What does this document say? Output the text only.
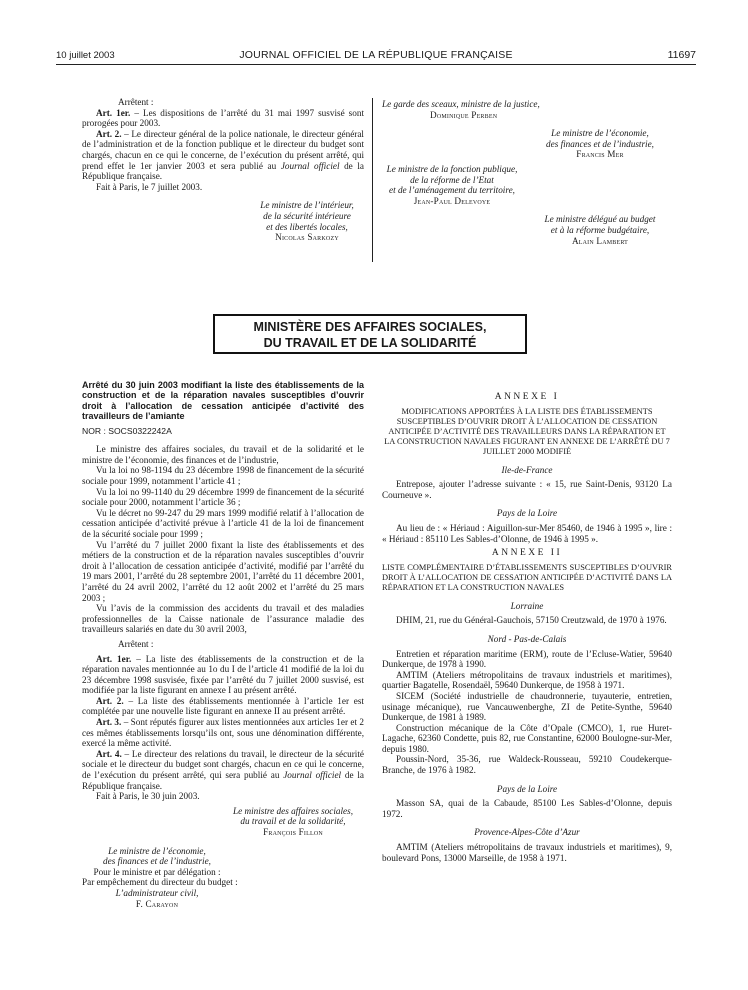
10 juillet 2003	JOURNAL OFFICIEL DE LA RÉPUBLIQUE FRANÇAISE	11697

Arrêtent :

Art. 1er. – Les dispositions de l’arrêté du 31 mai 1997 susvisé sont prorogées pour 2003.

Art. 2. – Le directeur général de la police nationale, le directeur général de l’administration et de la fonction publique et le directeur du budget sont chargés, chacun en ce qui le concerne, de l’exécution du présent arrêté, qui prend effet le 1er janvier 2003 et sera publié au Journal officiel de la République française.

Fait à Paris, le 7 juillet 2003.

Le ministre de l’intérieur,
de la sécurité intérieure
et des libertés locales,
Nicolas Sarkozy
Le garde des sceaux, ministre de la justice,
Dominique Perben
Le ministre de l’économie,
des finances et de l’industrie,
Francis Mer
Le ministre de la fonction publique,
de la réforme de l’Etat
et de l’aménagement du territoire,
Jean-Paul Delevoye
Le ministre délégué au budget
et à la réforme budgétaire,
Alain Lambert
MINISTÈRE DES AFFAIRES SOCIALES,
DU TRAVAIL ET DE LA SOLIDARITÉ

Arrêté du 30 juin 2003 modifiant la liste des établissements de la construction et de la réparation navales susceptibles d’ouvrir droit à l’allocation de cessation anticipée d’activité des travailleurs de l’amiante

NOR : SOCS0322242A

Le ministre des affaires sociales, du travail et de la solidarité et le ministre de l’économie, des finances et de l’industrie,

Vu la loi no 98-1194 du 23 décembre 1998 de financement de la sécurité sociale pour 1999, notamment l’article 41 ;

Vu la loi no 99-1140 du 29 décembre 1999 de financement de la sécurité sociale pour 2000, notamment l’article 36 ;

Vu le décret no 99-247 du 29 mars 1999 modifié relatif à l’allocation de cessation anticipée d’activité prévue à l’article 41 de la loi de financement de la sécurité sociale pour 1999 ;

Vu l’arrêté du 7 juillet 2000 fixant la liste des établissements et des métiers de la construction et de la réparation navales susceptibles d’ouvrir droit à l’allocation de cessation anticipée d’activité, modifié par l’arrêté du 19 mars 2001, l’arrêté du 28 septembre 2001, l’arrêté du 11 décembre 2001, l’arrêté du 24 avril 2002, l’arrêté du 12 août 2002 et l’arrêté du 25 mars 2003 ;

Vu l’avis de la commission des accidents du travail et des maladies professionnelles de la Caisse nationale de l’assurance maladie des travailleurs salariés en date du 30 avril 2003,

Arrêtent :

Art. 1er. – La liste des établissements de la construction et de la réparation navales mentionnée au 1o du I de l’article 41 modifié de la loi du 23 décembre 1998 susvisée, fixée par l’arrêté du 7 juillet 2000 susvisé, est modifiée par la liste figurant en annexe I au présent arrêté.

Art. 2. – La liste des établissements mentionnée à l’article 1er est complétée par une nouvelle liste figurant en annexe II au présent arrêté.

Art. 3. – Sont réputés figurer aux listes mentionnées aux articles 1er et 2 ces mêmes établissements lorsqu’ils ont, sous une dénomination différente, exercé la même activité.

Art. 4. – Le directeur des relations du travail, le directeur de la sécurité sociale et le directeur du budget sont chargés, chacun en ce qui le concerne, de l’exécution du présent arrêté, qui sera publié au Journal officiel de la République française.

Fait à Paris, le 30 juin 2003.

Le ministre des affaires sociales,
du travail et de la solidarité,
François Fillon
Le ministre de l’économie,
des finances et de l’industrie,
Pour le ministre et par délégation :
Par empêchement du directeur du budget :
L’administrateur civil,
F. Carayon
ANNEXE I
MODIFICATIONS APPORTÉES À LA LISTE DES ÉTABLISSEMENTS SUSCEPTIBLES D’OUVRIR DROIT À L’ALLOCATION DE CESSATION ANTICIPÉE D’ACTIVITÉ DES TRAVAILLEURS DANS LA RÉPARATION ET LA CONSTRUCTION NAVALES FIGURANT EN ANNEXE DE L’ARRÊTÉ DU 7 JUILLET 2000 MODIFIÉ

Ile-de-France

Entrepose, ajouter l’adresse suivante : « 15, rue Saint-Denis, 93120 La Courneuve ».

Pays de la Loire

Au lieu de : « Hériaud : Aiguillon-sur-Mer 85460, de 1946 à 1995 », lire : « Hériaud : 85110 Les Sables-d’Olonne, de 1946 à 1995 ».

ANNEXE II
LISTE COMPLÉMENTAIRE D’ÉTABLISSEMENTS SUSCEPTIBLES D’OUVRIR DROIT À L’ALLOCATION DE CESSATION ANTICIPÉE D’ACTIVITÉ DANS LA RÉPARATION ET LA CONSTRUCTION NAVALES

Lorraine

DHIM, 21, rue du Général-Gauchois, 57150 Creutzwald, de 1970 à 1976.

Nord - Pas-de-Calais

Entretien et réparation maritime (ERM), route de l’Ecluse-Watier, 59640 Dunkerque, de 1978 à 1990.

AMTIM (Ateliers métropolitains de travaux industriels et maritimes), quartier Bagatelle, Rosendaël, 59640 Dunkerque, de 1958 à 1971.

SICEM (Société industrielle de chaudronnerie, tuyauterie, entretien, usinage mécanique), rue Vancauwenberghe, ZI de Petite-Synthe, 59640 Dunkerque, de 1981 à 1989.

Construction mécanique de la Côte d’Opale (CMCO), 1, rue Huret-Lagache, 62360 Condette, puis 82, rue Constantine, 62000 Boulogne-sur-Mer, depuis 1980.

Poussin-Nord, 35-36, rue Waldeck-Rousseau, 59210 Coudekerque-Branche, de 1976 à 1982.

Pays de la Loire

Masson SA, quai de la Cabaude, 85100 Les Sables-d’Olonne, depuis 1972.

Provence-Alpes-Côte d’Azur

AMTIM (Ateliers métropolitains de travaux industriels et maritimes), 9, boulevard Pons, 13000 Marseille, de 1958 à 1971.
